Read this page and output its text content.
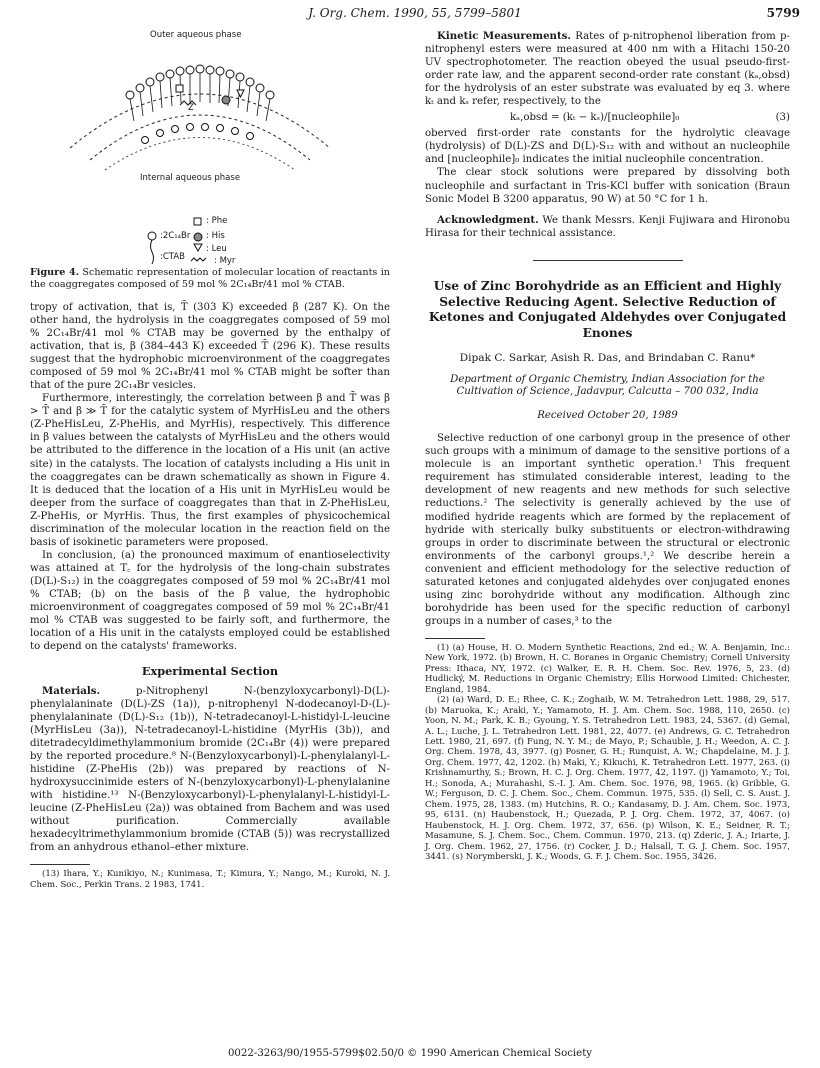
J. Org. Chem. 1990, 55, 5799–5801	5799
Outer aqueous phase
Z
Internal aqueous phase
:2C₁₄Br
:CTAB
: Phe
: His
: Leu
: Myr
Figure 4. Schematic representation of molecular location of reactants in the coaggregates composed of 59 mol % 2C₁₄Br/41 mol % CTAB.

tropy of activation, that is, T̄ (303 K) exceeded β (287 K). On the other hand, the hydrolysis in the coaggregates composed of 59 mol % 2C₁₄Br/41 mol % CTAB may be governed by the enthalpy of activation, that is, β (384–443 K) exceeded T̄ (296 K). These results suggest that the hydrophobic microenvironment of the coaggregates composed of 59 mol % 2C₁₄Br/41 mol % CTAB might be softer than that of the pure 2C₁₄Br vesicles.

Furthermore, interestingly, the correlation between β and T̄ was β > T̄ and β ≫ T̄ for the catalytic system of MyrHisLeu and the others (Z-PheHisLeu, Z-PheHis, and MyrHis), respectively. This difference in β values between the catalysts of MyrHisLeu and the others would be attributed to the difference in the location of a His unit (an active site) in the catalysts. The location of catalysts including a His unit in the coaggregates can be drawn schematically as shown in Figure 4. It is deduced that the location of a His unit in MyrHisLeu would be deeper from the surface of coaggregates than that in Z-PheHisLeu, Z-PheHis, or MyrHis. Thus, the first examples of physicochemical discrimination of the molecular location in the reaction field on the basis of isokinetic parameters were proposed.

In conclusion, (a) the pronounced maximum of enantioselectivity was attained at T꜀ for the hydrolysis of the long-chain substrates (D(L)-S₁₂) in the coaggregates composed of 59 mol % 2C₁₄Br/41 mol % CTAB; (b) on the basis of the β value, the hydrophobic microenvironment of coaggregates composed of 59 mol % 2C₁₄Br/41 mol % CTAB was suggested to be fairly soft, and furthermore, the location of a His unit in the catalysts employed could be established to depend on the catalysts' frameworks.

Experimental Section

Materials.	p-Nitrophenyl N-(benzyloxycarbonyl)-D(L)-phenylalaninate (D(L)-ZS (1a)), p-nitrophenyl N-dodecanoyl-D-(L)-phenylalaninate (D(L)-S₁₂ (1b)), N-tetradecanoyl-L-histidyl-L-leucine (MyrHisLeu (3a)), N-tetradecanoyl-L-histidine (MyrHis (3b)), and ditetradecyldimethylammonium bromide (2C₁₄Br (4)) were prepared by the reported procedure.⁸ N-(Benzyloxycarbonyl)-L-phenylalanyl-L-histidine (Z-PheHis (2b)) was prepared by reactions of N-hydroxysuccinimide esters of N-(benzyloxycarbonyl)-L-phenylalanine with histidine.¹³ N-(Benzyloxycarbonyl)-L-phenylalanyl-L-histidyl-L-leucine (Z-PheHisLeu (2a)) was obtained from Bachem and was used without purification. Commercially available hexadecyltrimethylammonium bromide (CTAB (5)) was recrystallized from an anhydrous ethanol–ether mixture.

(13) Ihara, Y.; Kunikiyo, N.; Kunimasa, T.; Kimura, Y.; Nango, M.; Kuroki, N. J. Chem. Soc., Perkin Trans. 2 1983, 1741.

Kinetic Measurements. Rates of p-nitrophenol liberation from p-nitrophenyl esters were measured at 400 nm with a Hitachi 150-20 UV spectrophotometer. The reaction obeyed the usual pseudo-first-order rate law, and the apparent second-order rate constant (kₐ,obsd) for the hydrolysis of an ester substrate was evaluated by eq 3. where kₜ and kₛ refer, respectively, to the

kₐ,obsd = (kₜ − kₛ)/[nucleophile]₀	(3)

oberved first-order rate constants for the hydrolytic cleavage (hydrolysis) of D(L)-ZS and D(L)-S₁₂ with and without an nucleophile and [nucleophile]₀ indicates the initial nucleophile concentration.

The clear stock solutions were prepared by dissolving both nucleophile and surfactant in Tris-KCl buffer with sonication (Braun Sonic Model B 3200 apparatus, 90 W) at 50 °C for 1 h.

Acknowledgment. We thank Messrs. Kenji Fujiwara and Hironobu Hirasa for their technical assistance.

Use of Zinc Borohydride as an Efficient and Highly Selective Reducing Agent. Selective Reduction of Ketones and Conjugated Aldehydes over Conjugated Enones
Dipak C. Sarkar, Asish R. Das, and Brindaban C. Ranu*
Department of Organic Chemistry, Indian Association for the Cultivation of Science, Jadavpur, Calcutta – 700 032, India
Received October 20, 1989

Selective reduction of one carbonyl group in the presence of other such groups with a minimum of damage to the sensitive portions of a molecule is an important synthetic operation.¹ This frequent requirement has stimulated considerable interest, leading to the development of new reagents and new methods for such selective reductions.² The selectivity is generally achieved by the use of modified hydride reagents which are formed by the replacement of hydride with sterically bulky substituents or electron-withdrawing groups in order to discriminate between the structural or electronic environments of the carbonyl groups.¹,² We describe herein a convenient and efficient methodology for the selective reduction of saturated ketones and conjugated aldehydes over conjugated enones using zinc borohydride without any modification. Although zinc borohydride has been used for the specific reduction of carbonyl groups in a number of cases,³ to the

(1) (a) House, H. O. Modern Synthetic Reactions, 2nd ed.; W. A. Benjamin, Inc.: New York, 1972. (b) Brown, H. C. Boranes in Organic Chemistry; Cornell University Press: Ithaca, NY, 1972. (c) Walker, E. R. H. Chem. Soc. Rev. 1976, 5, 23. (d) Hudlický, M. Reductions in Organic Chemistry; Ellis Horwood Limited: Chichester, England, 1984.

(2) (a) Ward, D. E.; Rhee, C. K.; Zoghaib, W. M. Tetrahedron Lett. 1988, 29, 517. (b) Maruoka, K.; Araki, Y.; Yamamoto, H. J. Am. Chem. Soc. 1988, 110, 2650. (c) Yoon, N. M.; Park, K. B.; Gyoung, Y. S. Tetrahedron Lett. 1983, 24, 5367. (d) Gemal, A. L.; Luche, J. L. Tetrahedron Lett. 1981, 22, 4077. (e) Andrews, G. C. Tetrahedron Lett. 1980, 21, 697. (f) Fung, N. Y. M.; de Mayo, P.; Schauble, J. H.; Weedon, A. C. J. Org. Chem. 1978, 43, 3977. (g) Posner, G. H.; Runquist, A. W.; Chapdelaine, M. J. J. Org. Chem. 1977, 42, 1202. (h) Maki, Y.; Kikuchi, K. Tetrahedron Lett. 1977, 263. (i) Krishnamurthy, S.; Brown, H. C. J. Org. Chem. 1977, 42, 1197. (j) Yamamoto, Y.; Toi, H.; Sonoda, A.; Murahashi, S.-I. J. Am. Chem. Soc. 1976, 98, 1965. (k) Gribble, G. W.; Ferguson, D. C. J. Chem. Soc., Chem. Commun. 1975, 535. (l) Sell, C. S. Aust. J. Chem. 1975, 28, 1383. (m) Hutchins, R. O.; Kandasamy, D. J. Am. Chem. Soc. 1973, 95, 6131. (n) Haubenstock, H.; Quezada, P. J. Org. Chem. 1972, 37, 4067. (o) Haubenstock, H. J. Org. Chem. 1972, 37, 656. (p) Wilson, K. E.; Seidner, R. T.; Masamune, S. J. Chem. Soc., Chem. Commun. 1970, 213. (q) Zderic, J. A.; Iriarte, J. J. Org. Chem. 1962, 27, 1756. (r) Cocker, J. D.; Halsall, T. G. J. Chem. Soc. 1957, 3441. (s) Norymberski, J. K.; Woods, G. F. J. Chem. Soc. 1955, 3426.

0022-3263/90/1955-5799$02.50/0 © 1990 American Chemical Society
